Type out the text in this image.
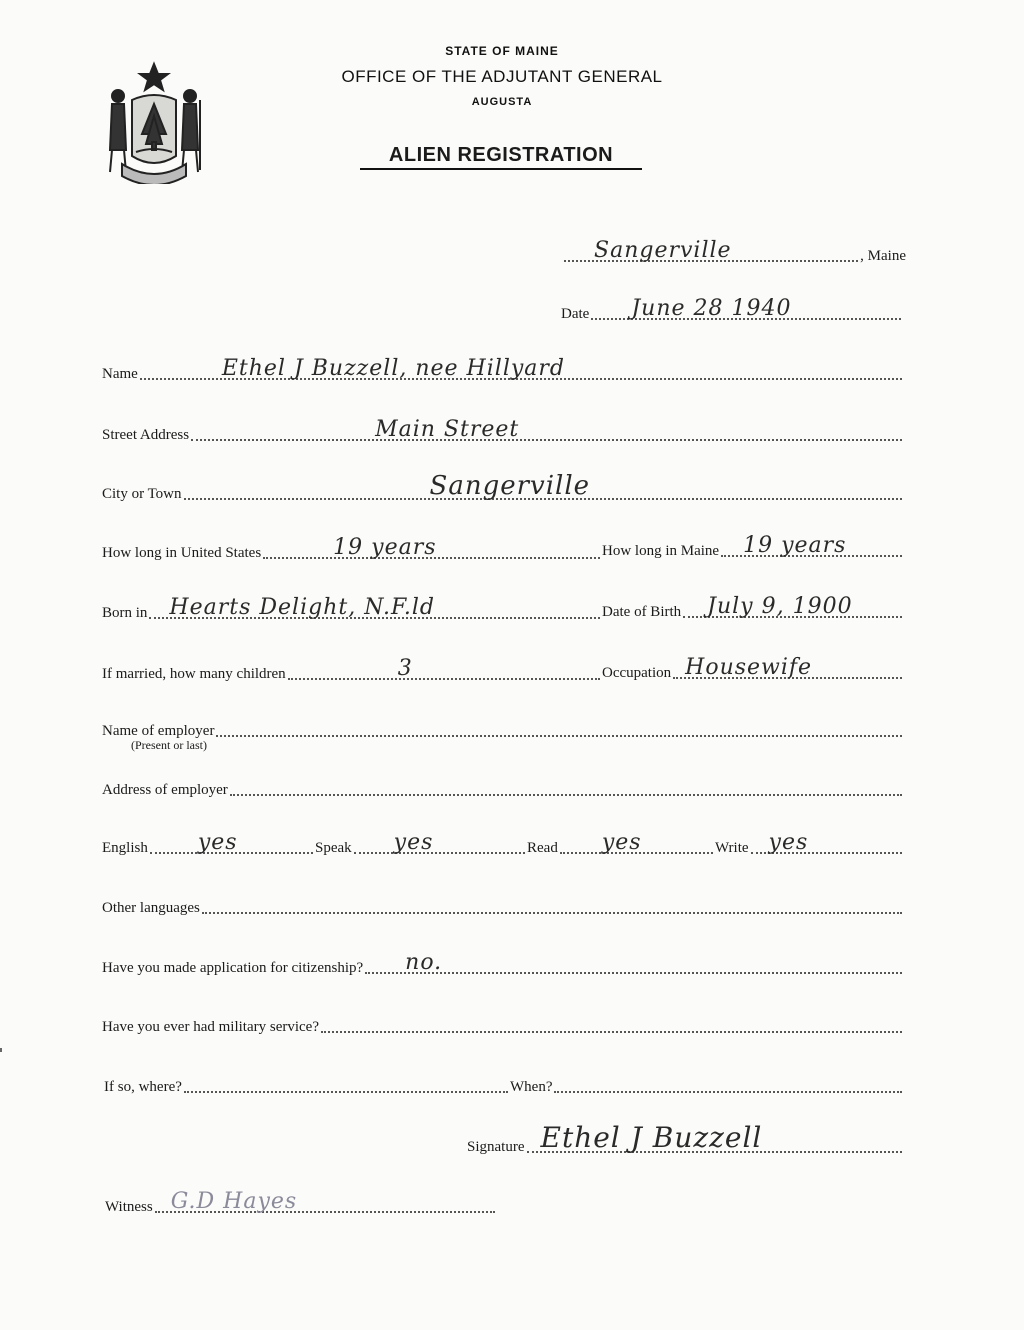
STATE OF MAINE
OFFICE OF THE ADJUTANT GENERAL
AUGUSTA
ALIEN REGISTRATION
Sangerville	, Maine
Date June 28 1940
Name	Ethel J Buzzell, nee Hillyard
Street Address	Main Street
City or Town	Sangerville
How long in United States	19 years	How long in Maine 19 years
Born in Hearts Delight, N.F.ld	Date of Birth July 9, 1900
If married, how many children	3	Occupation Housewife
Name of employer
(Present or last)
Address of employer
English yes	Speak yes	Read yes	Write yes
Other languages
Have you made application for citizenship? no.
Have you ever had military service?
If so, where?	When?
Signature Ethel J Buzzell
Witness G.D Hayes
